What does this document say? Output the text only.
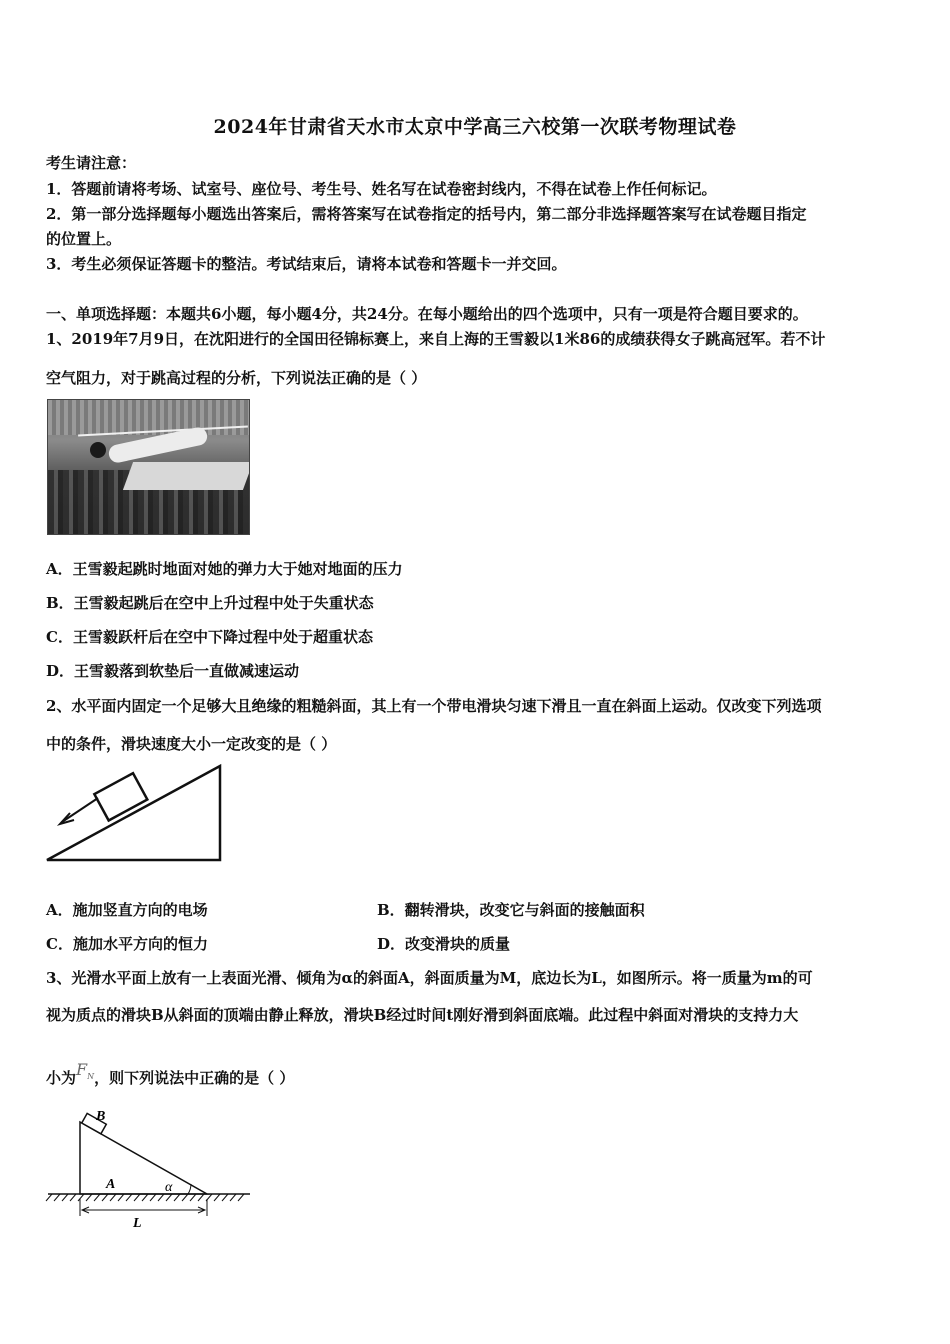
2024年甘肃省天水市太京中学高三六校第一次联考物理试卷
考生请注意：
1．答题前请将考场、试室号、座位号、考生号、姓名写在试卷密封线内，不得在试卷上作任何标记。
2．第一部分选择题每小题选出答案后，需将答案写在试卷指定的括号内，第二部分非选择题答案写在试卷题目指定
的位置上。
3．考生必须保证答题卡的整洁。考试结束后，请将本试卷和答题卡一并交回。
一、单项选择题：本题共6小题，每小题4分，共24分。在每小题给出的四个选项中，只有一项是符合题目要求的。
1、2019年7月9日，在沈阳进行的全国田径锦标赛上，来自上海的王雪毅以1米86的成绩获得女子跳高冠军。若不计
空气阻力，对于跳高过程的分析，下列说法正确的是（ ）
A．王雪毅起跳时地面对她的弹力大于她对地面的压力
B．王雪毅起跳后在空中上升过程中处于失重状态
C．王雪毅跃杆后在空中下降过程中处于超重状态
D．王雪毅落到软垫后一直做减速运动
2、水平面内固定一个足够大且绝缘的粗糙斜面，其上有一个带电滑块匀速下滑且一直在斜面上运动。仅改变下列选项
中的条件，滑块速度大小一定改变的是（ ）
A．施加竖直方向的电场	B．翻转滑块，改变它与斜面的接触面积
C．施加水平方向的恒力	D．改变滑块的质量
3、光滑水平面上放有一上表面光滑、倾角为α的斜面A，斜面质量为M，底边长为L，如图所示。将一质量为m的可
视为质点的滑块B从斜面的顶端由静止释放，滑块B经过时间t刚好滑到斜面底端。此过程中斜面对滑块的支持力大
小为$F_N$，则下列说法中正确的是（ ）
B
A	α
L
